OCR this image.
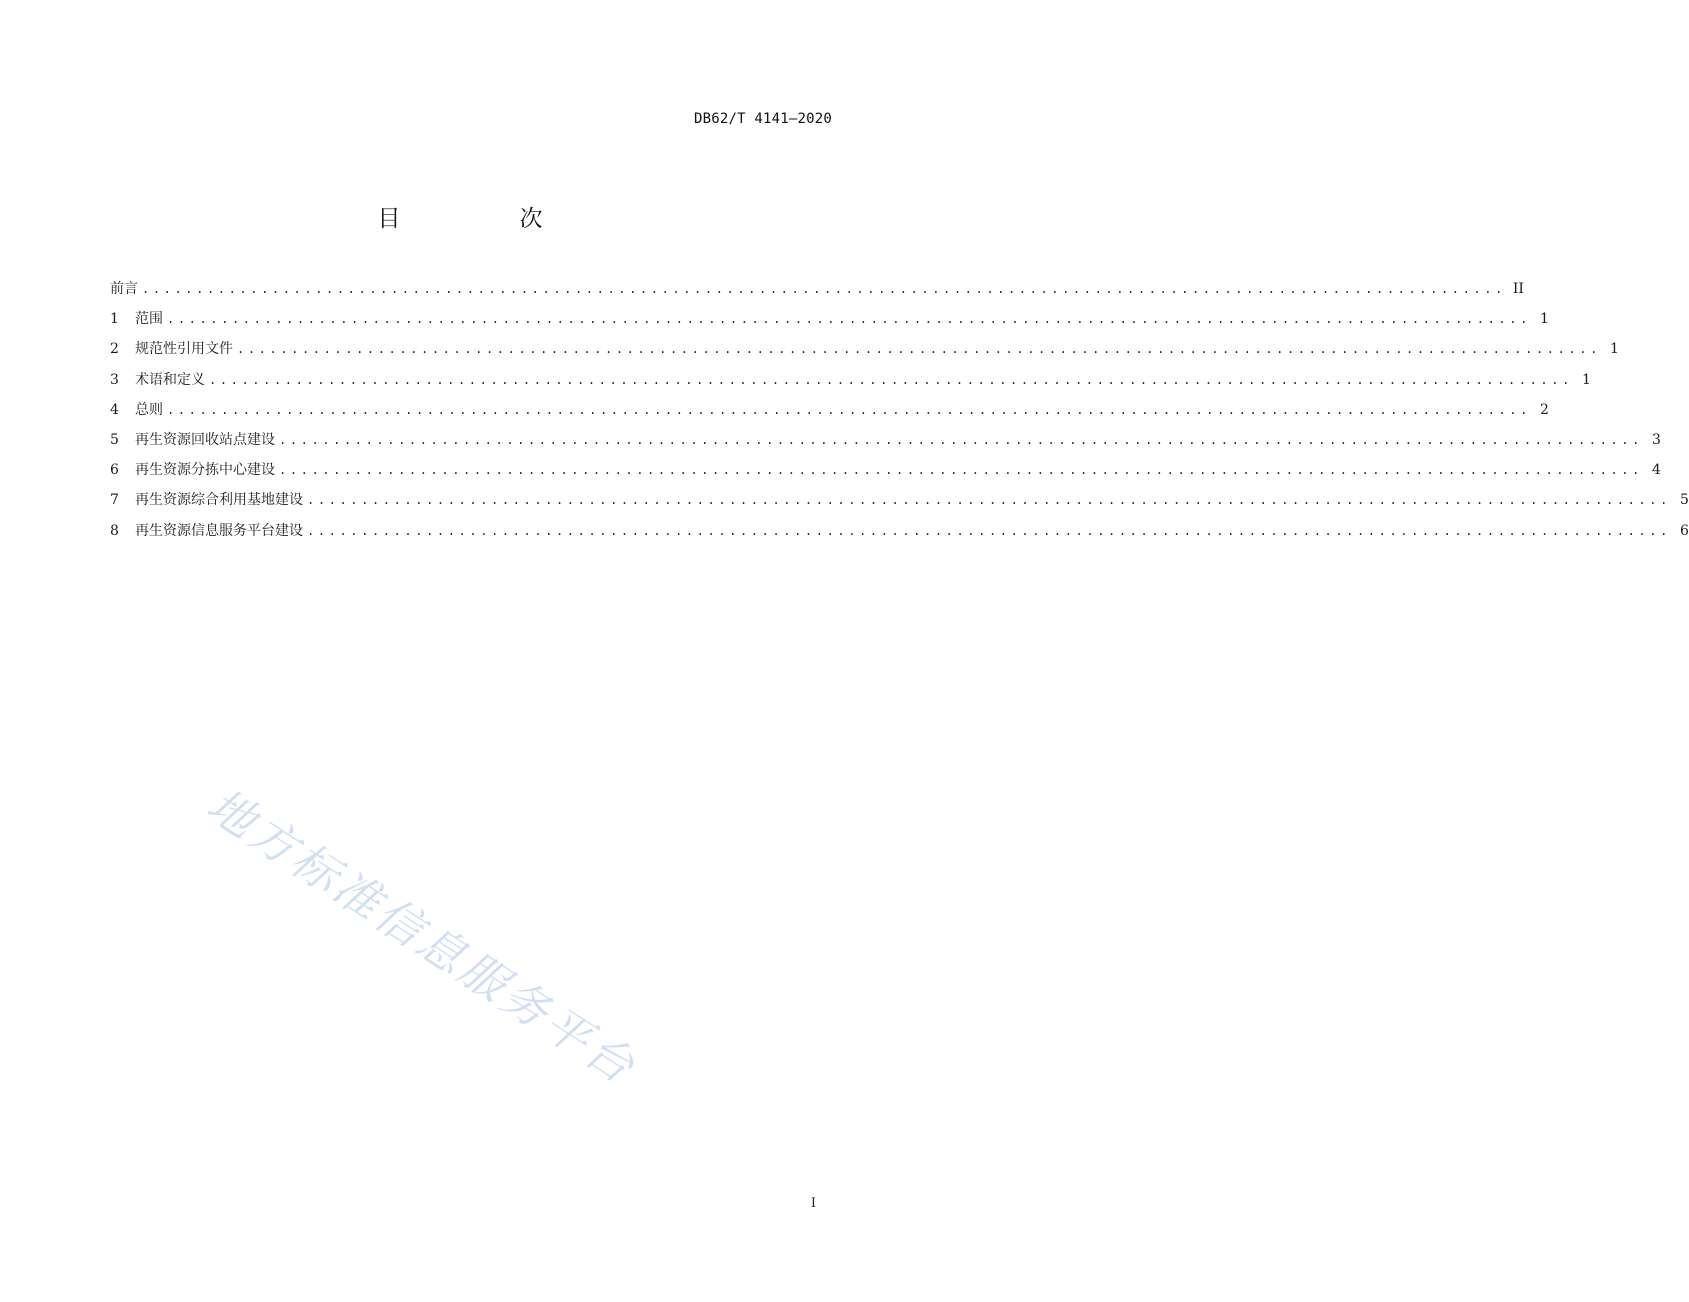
DB62/T 4141—2020
目　次
前言 .............................................................................................................................. II
1	范围 .............................................................................................................................. 1
2	规范性引用文件 .............................................................................................................................. 1
3	术语和定义 .............................................................................................................................. 1
4	总则 .............................................................................................................................. 2
5	再生资源回收站点建设 .............................................................................................................................. 3
6	再生资源分拣中心建设 .............................................................................................................................. 4
7	再生资源综合利用基地建设 .............................................................................................................................. 5
8	再生资源信息服务平台建设 .............................................................................................................................. 6
地方标准信息服务平台
I
